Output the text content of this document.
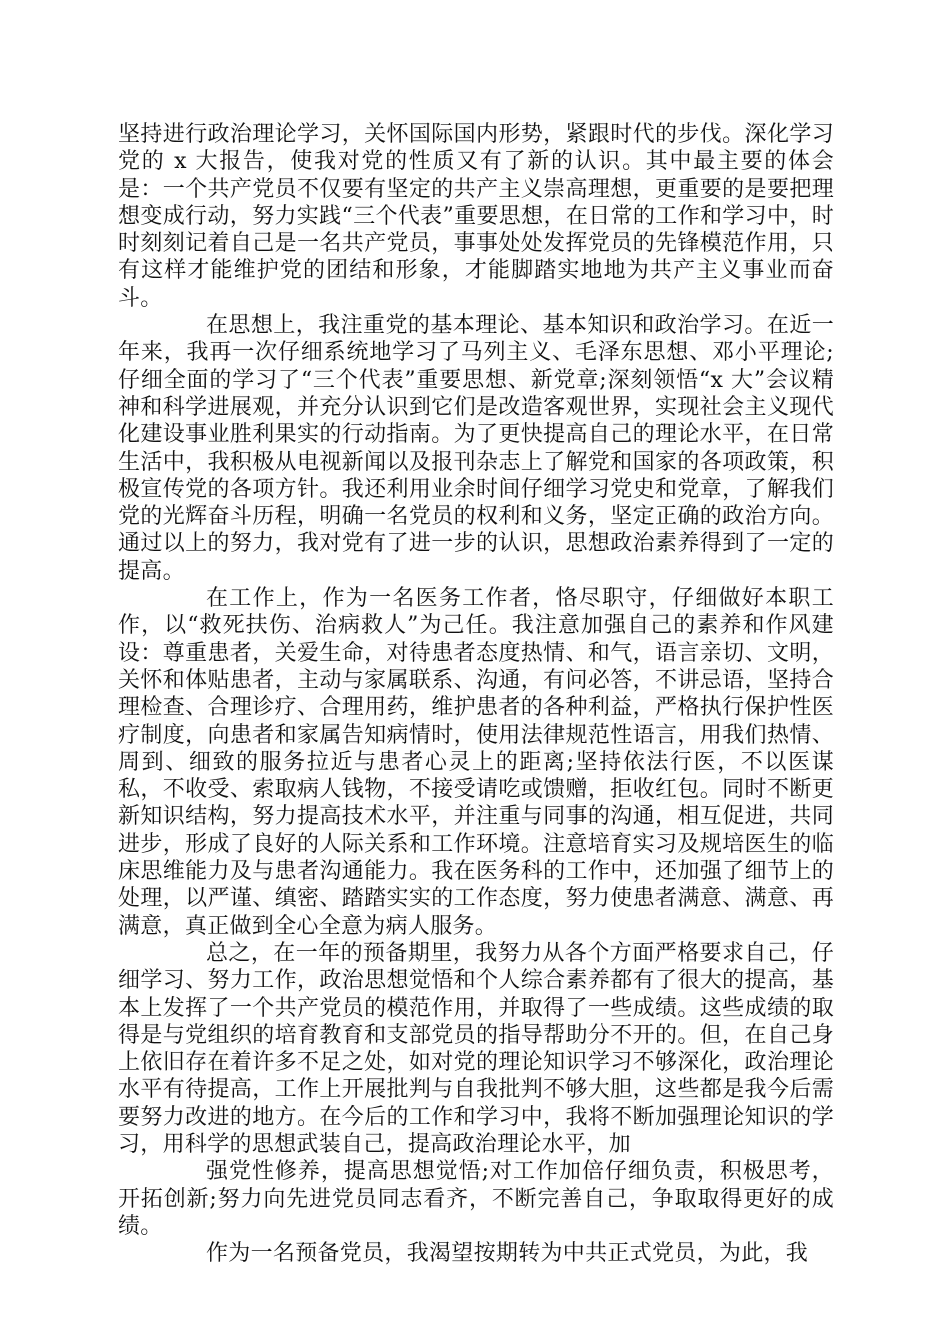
坚持进行政治理论学习，关怀国际国内形势，紧跟时代的步伐。深化学习党的 x 大报告，使我对党的性质又有了新的认识。其中最主要的体会是：一个共产党员不仅要有坚定的共产主义崇高理想，更重要的是要把理想变成行动，努力实践“三个代表”重要思想，在日常的工作和学习中，时时刻刻记着自己是一名共产党员，事事处处发挥党员的先锋模范作用，只有这样才能维护党的团结和形象，才能脚踏实地地为共产主义事业而奋斗。

在思想上，我注重党的基本理论、基本知识和政治学习。在近一年来，我再一次仔细系统地学习了马列主义、毛泽东思想、邓小平理论;仔细全面的学习了“三个代表”重要思想、新党章;深刻领悟“x 大”会议精神和科学进展观，并充分认识到它们是改造客观世界，实现社会主义现代化建设事业胜利果实的行动指南。为了更快提高自己的理论水平，在日常生活中，我积极从电视新闻以及报刊杂志上了解党和国家的各项政策，积极宣传党的各项方针。我还利用业余时间仔细学习党史和党章，了解我们党的光辉奋斗历程，明确一名党员的权利和义务，坚定正确的政治方向。通过以上的努力，我对党有了进一步的认识，思想政治素养得到了一定的提高。

在工作上，作为一名医务工作者，恪尽职守，仔细做好本职工作，以“救死扶伤、治病救人”为己任。我注意加强自己的素养和作风建设：尊重患者，关爱生命，对待患者态度热情、和气，语言亲切、文明，关怀和体贴患者，主动与家属联系、沟通，有问必答，不讲忌语，坚持合理检查、合理诊疗、合理用药，维护患者的各种利益，严格执行保护性医疗制度，向患者和家属告知病情时，使用法律规范性语言，用我们热情、周到、细致的服务拉近与患者心灵上的距离;坚持依法行医，不以医谋私，不收受、索取病人钱物，不接受请吃或馈赠，拒收红包。同时不断更新知识结构，努力提高技术水平，并注重与同事的沟通，相互促进，共同进步，形成了良好的人际关系和工作环境。注意培育实习及规培医生的临床思维能力及与患者沟通能力。我在医务科的工作中，还加强了细节上的处理，以严谨、缜密、踏踏实实的工作态度，努力使患者满意、满意、再满意，真正做到全心全意为病人服务。

总之，在一年的预备期里，我努力从各个方面严格要求自己，仔细学习、努力工作，政治思想觉悟和个人综合素养都有了很大的提高，基本上发挥了一个共产党员的模范作用，并取得了一些成绩。这些成绩的取得是与党组织的培育教育和支部党员的指导帮助分不开的。但，在自己身上依旧存在着许多不足之处，如对党的理论知识学习不够深化，政治理论水平有待提高，工作上开展批判与自我批判不够大胆，这些都是我今后需要努力改进的地方。在今后的工作和学习中，我将不断加强理论知识的学习，用科学的思想武装自己，提高政治理论水平，加

强党性修养，提高思想觉悟;对工作加倍仔细负责，积极思考，开拓创新;努力向先进党员同志看齐，不断完善自己，争取取得更好的成绩。

作为一名预备党员，我渴望按期转为中共正式党员，为此，我
